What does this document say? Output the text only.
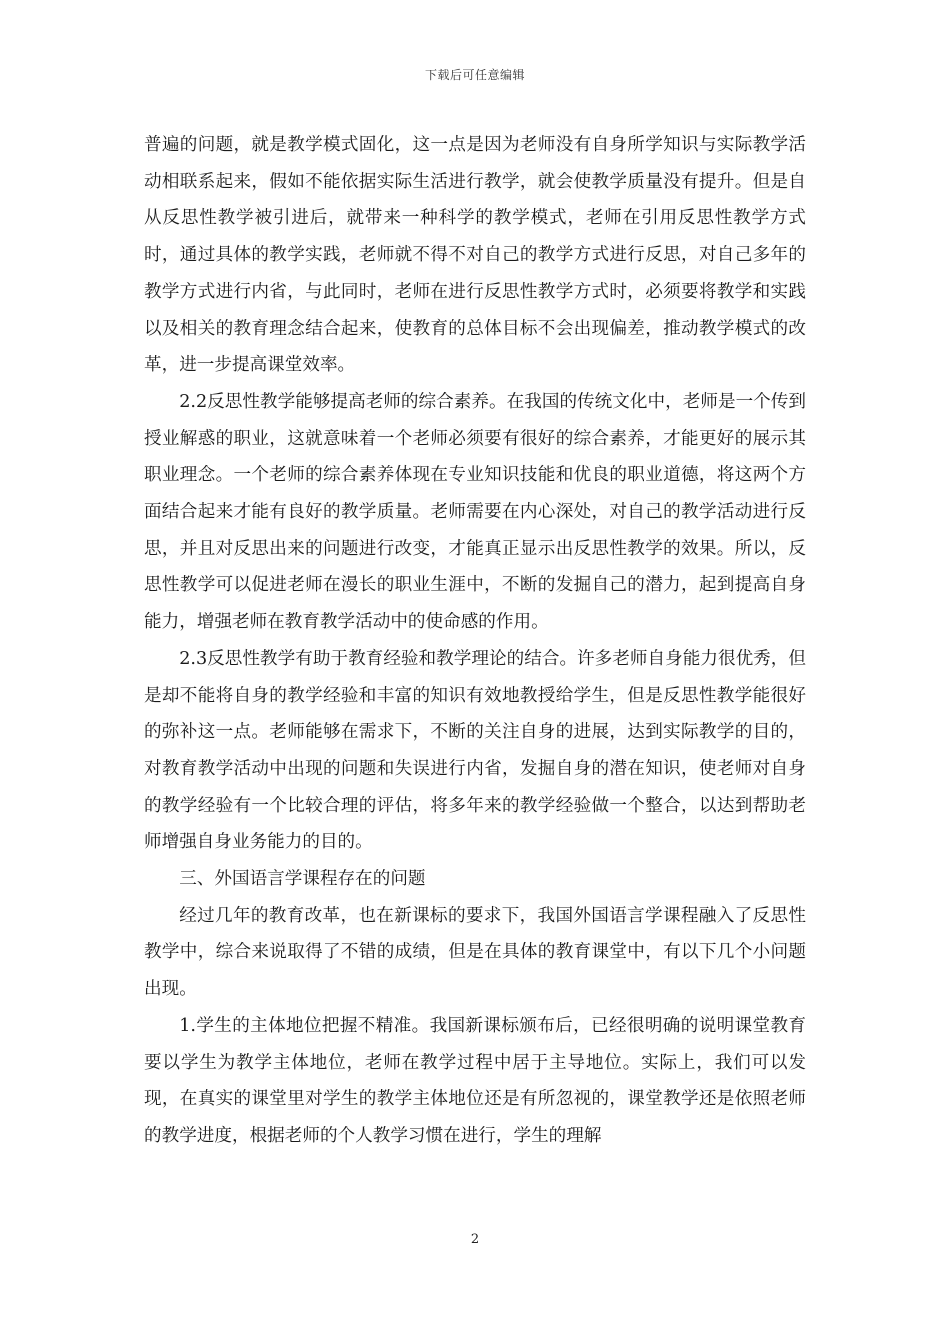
下载后可任意编辑

普遍的问题，就是教学模式固化，这一点是因为老师没有自身所学知识与实际教学活动相联系起来，假如不能依据实际生活进行教学，就会使教学质量没有提升。但是自从反思性教学被引进后，就带来一种科学的教学模式，老师在引用反思性教学方式时，通过具体的教学实践，老师就不得不对自己的教学方式进行反思，对自己多年的教学方式进行内省，与此同时，老师在进行反思性教学方式时，必须要将教学和实践以及相关的教育理念结合起来，使教育的总体目标不会出现偏差，推动教学模式的改革，进一步提高课堂效率。

2.2反思性教学能够提高老师的综合素养。在我国的传统文化中，老师是一个传到授业解惑的职业，这就意味着一个老师必须要有很好的综合素养，才能更好的展示其职业理念。一个老师的综合素养体现在专业知识技能和优良的职业道德，将这两个方面结合起来才能有良好的教学质量。老师需要在内心深处，对自己的教学活动进行反思，并且对反思出来的问题进行改变，才能真正显示出反思性教学的效果。所以，反思性教学可以促进老师在漫长的职业生涯中，不断的发掘自己的潜力，起到提高自身能力，增强老师在教育教学活动中的使命感的作用。

2.3反思性教学有助于教育经验和教学理论的结合。许多老师自身能力很优秀，但是却不能将自身的教学经验和丰富的知识有效地教授给学生，但是反思性教学能很好的弥补这一点。老师能够在需求下，不断的关注自身的进展，达到实际教学的目的，对教育教学活动中出现的问题和失误进行内省，发掘自身的潜在知识，使老师对自身的教学经验有一个比较合理的评估，将多年来的教学经验做一个整合，以达到帮助老师增强自身业务能力的目的。

三、外国语言学课程存在的问题

经过几年的教育改革，也在新课标的要求下，我国外国语言学课程融入了反思性教学中，综合来说取得了不错的成绩，但是在具体的教育课堂中，有以下几个小问题出现。

1.学生的主体地位把握不精准。我国新课标颁布后，已经很明确的说明课堂教育要以学生为教学主体地位，老师在教学过程中居于主导地位。实际上，我们可以发现，在真实的课堂里对学生的教学主体地位还是有所忽视的，课堂教学还是依照老师的教学进度，根据老师的个人教学习惯在进行，学生的理解

2
